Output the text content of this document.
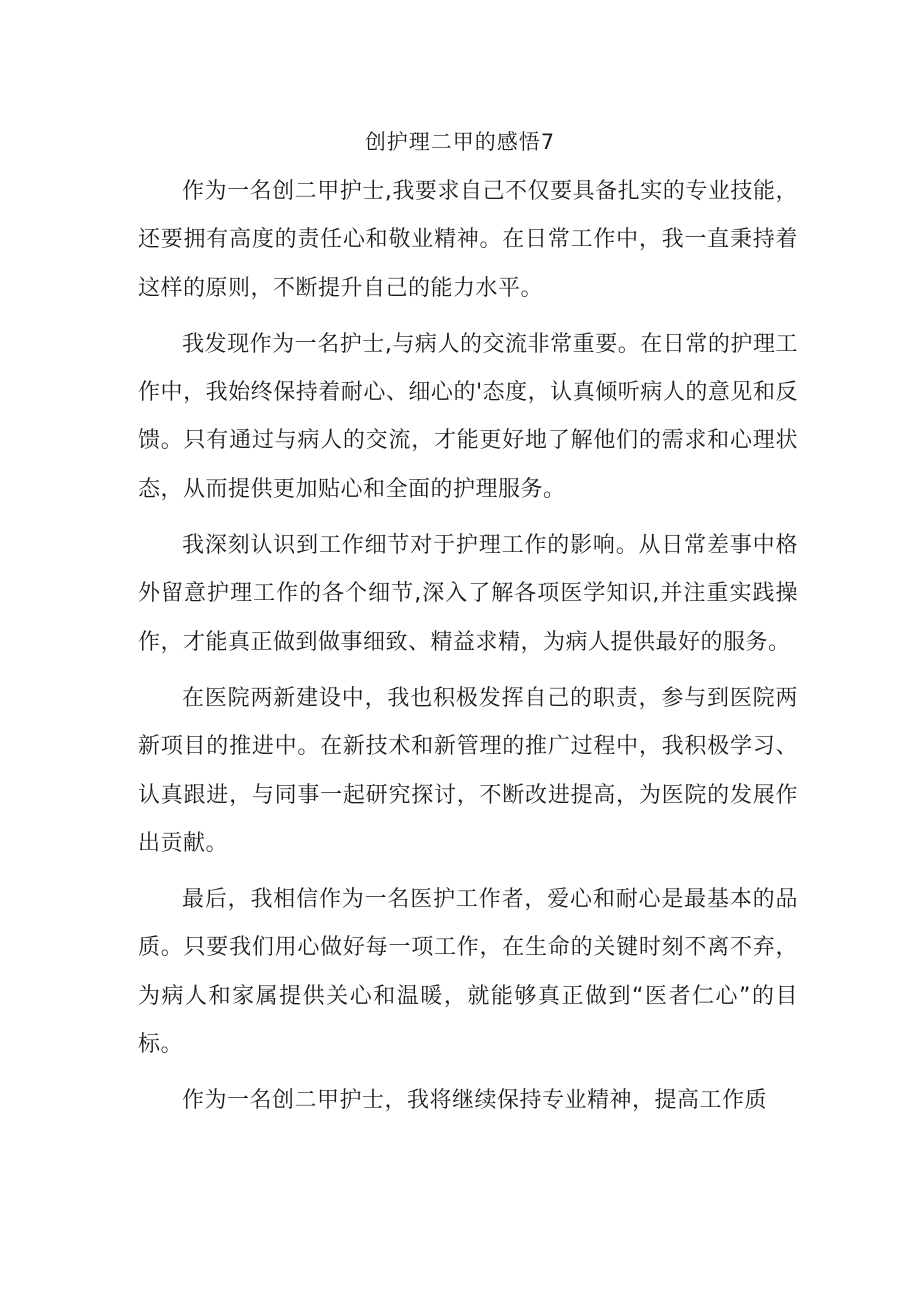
创护理二甲的感悟7

作为一名创二甲护士,我要求自己不仅要具备扎实的专业技能，还要拥有高度的责任心和敬业精神。在日常工作中，我一直秉持着这样的原则，不断提升自己的能力水平。

我发现作为一名护士,与病人的交流非常重要。在日常的护理工作中，我始终保持着耐心、细心的'态度，认真倾听病人的意见和反馈。只有通过与病人的交流，才能更好地了解他们的需求和心理状态，从而提供更加贴心和全面的护理服务。

我深刻认识到工作细节对于护理工作的影响。从日常差事中格外留意护理工作的各个细节,深入了解各项医学知识,并注重实践操作，才能真正做到做事细致、精益求精，为病人提供最好的服务。

在医院两新建设中，我也积极发挥自己的职责，参与到医院两新项目的推进中。在新技术和新管理的推广过程中，我积极学习、认真跟进，与同事一起研究探讨，不断改进提高，为医院的发展作出贡献。

最后，我相信作为一名医护工作者，爱心和耐心是最基本的品质。只要我们用心做好每一项工作，在生命的关键时刻不离不弃，为病人和家属提供关心和温暖，就能够真正做到“医者仁心”的目标。

作为一名创二甲护士，我将继续保持专业精神，提高工作质
